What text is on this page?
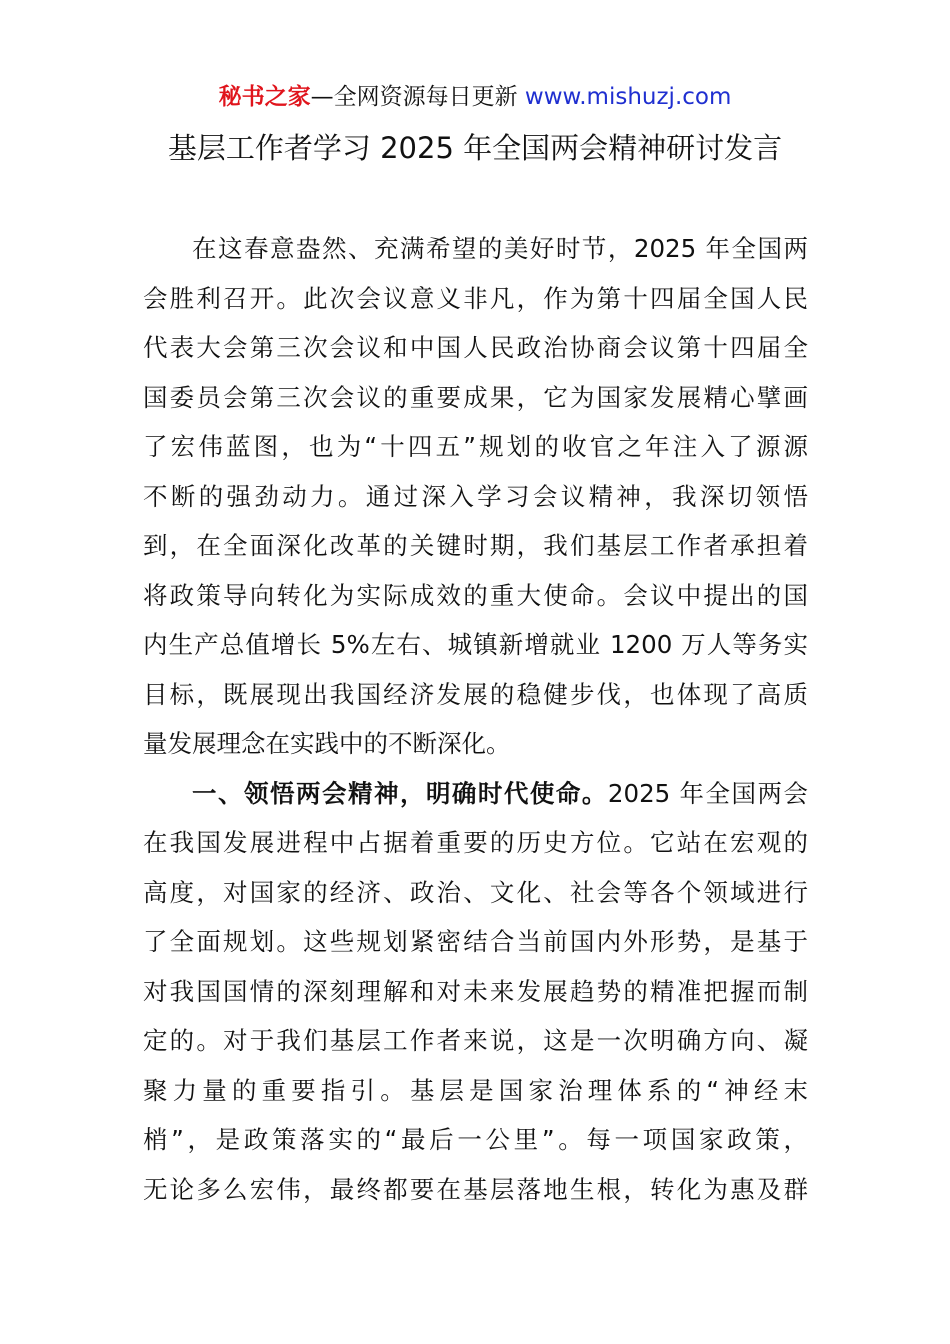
秘书之家—全网资源每日更新 www.mishuzj.com
基层工作者学习 2025 年全国两会精神研讨发言
在这春意盎然、充满希望的美好时节，2025 年全国两
会胜利召开。此次会议意义非凡，作为第十四届全国人民
代表大会第三次会议和中国人民政治协商会议第十四届全
国委员会第三次会议的重要成果，它为国家发展精心擘画
了宏伟蓝图，也为“十四五”规划的收官之年注入了源源
不断的强劲动力。通过深入学习会议精神，我深切领悟
到，在全面深化改革的关键时期，我们基层工作者承担着
将政策导向转化为实际成效的重大使命。会议中提出的国
内生产总值增长 5%左右、城镇新增就业 1200 万人等务实
目标，既展现出我国经济发展的稳健步伐，也体现了高质
量发展理念在实践中的不断深化。
一、领悟两会精神，明确时代使命。2025 年全国两会
在我国发展进程中占据着重要的历史方位。它站在宏观的
高度，对国家的经济、政治、文化、社会等各个领域进行
了全面规划。这些规划紧密结合当前国内外形势，是基于
对我国国情的深刻理解和对未来发展趋势的精准把握而制
定的。对于我们基层工作者来说，这是一次明确方向、凝
聚力量的重要指引。基层是国家治理体系的“神经末
梢”，是政策落实的“最后一公里”。每一项国家政策，
无论多么宏伟，最终都要在基层落地生根，转化为惠及群
